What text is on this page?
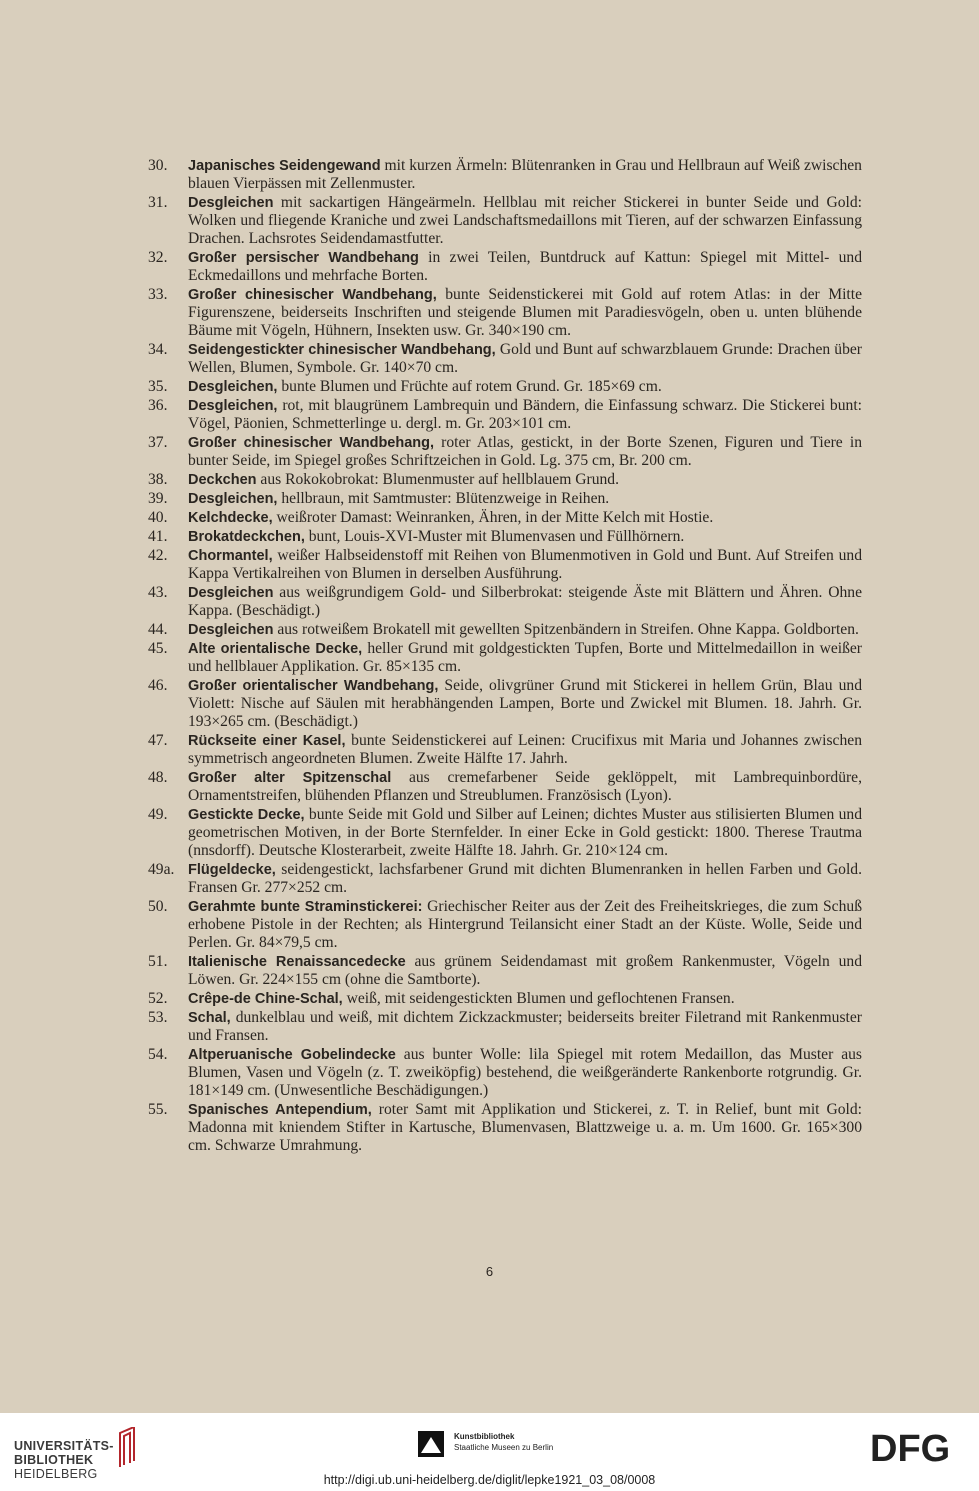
30.	Japanisches Seidengewand mit kurzen Ärmeln: Blütenranken in Grau und Hellbraun auf Weiß zwischen blauen Vierpässen mit Zellenmuster.
31.	Desgleichen mit sackartigen Hängeärmeln. Hellblau mit reicher Stickerei in bunter Seide und Gold: Wolken und fliegende Kraniche und zwei Landschaftsmedaillons mit Tieren, auf der schwarzen Einfassung Drachen. Lachsrotes Seidendamastfutter.
32.	Großer persischer Wandbehang in zwei Teilen, Buntdruck auf Kattun: Spiegel mit Mittel- und Eckmedaillons und mehrfache Borten.
33.	Großer chinesischer Wandbehang, bunte Seidenstickerei mit Gold auf rotem Atlas: in der Mitte Figurenszene, beiderseits Inschriften und steigende Blumen mit Paradiesvögeln, oben u. unten blühende Bäume mit Vögeln, Hühnern, Insekten usw. Gr. 340×190 cm.
34.	Seidengestickter chinesischer Wandbehang, Gold und Bunt auf schwarzblauem Grunde: Drachen über Wellen, Blumen, Symbole. Gr. 140×70 cm.
35.	Desgleichen, bunte Blumen und Früchte auf rotem Grund. Gr. 185×69 cm.
36.	Desgleichen, rot, mit blaugrünem Lambrequin und Bändern, die Einfassung schwarz. Die Stickerei bunt: Vögel, Päonien, Schmetterlinge u. dergl. m. Gr. 203×101 cm.
37.	Großer chinesischer Wandbehang, roter Atlas, gestickt, in der Borte Szenen, Figuren und Tiere in bunter Seide, im Spiegel großes Schriftzeichen in Gold. Lg. 375 cm, Br. 200 cm.
38.	Deckchen aus Rokokobrokat: Blumenmuster auf hellblauem Grund.
39.	Desgleichen, hellbraun, mit Samtmuster: Blütenzweige in Reihen.
40.	Kelchdecke, weißroter Damast: Weinranken, Ähren, in der Mitte Kelch mit Hostie.
41.	Brokatdeckchen, bunt, Louis-XVI-Muster mit Blumenvasen und Füllhörnern.
42.	Chormantel, weißer Halbseidenstoff mit Reihen von Blumenmotiven in Gold und Bunt. Auf Streifen und Kappa Vertikalreihen von Blumen in derselben Ausführung.
43.	Desgleichen aus weißgrundigem Gold- und Silberbrokat: steigende Äste mit Blättern und Ähren. Ohne Kappa. (Beschädigt.)
44.	Desgleichen aus rotweißem Brokatell mit gewellten Spitzenbändern in Streifen. Ohne Kappa. Goldborten.
45.	Alte orientalische Decke, heller Grund mit goldgestickten Tupfen, Borte und Mittelmedaillon in weißer und hellblauer Applikation. Gr. 85×135 cm.
46.	Großer orientalischer Wandbehang, Seide, olivgrüner Grund mit Stickerei in hellem Grün, Blau und Violett: Nische auf Säulen mit herabhängenden Lampen, Borte und Zwickel mit Blumen. 18. Jahrh. Gr. 193×265 cm. (Beschädigt.)
47.	Rückseite einer Kasel, bunte Seidenstickerei auf Leinen: Crucifixus mit Maria und Johannes zwischen symmetrisch angeordneten Blumen. Zweite Hälfte 17. Jahrh.
48.	Großer alter Spitzenschal aus cremefarbener Seide geklöppelt, mit Lambrequinbordüre, Ornamentstreifen, blühenden Pflanzen und Streublumen. Französisch (Lyon).
49.	Gestickte Decke, bunte Seide mit Gold und Silber auf Leinen; dichtes Muster aus stilisierten Blumen und geometrischen Motiven, in der Borte Sternfelder. In einer Ecke in Gold gestickt: 1800. Therese Trautma (nnsdorff). Deutsche Klosterarbeit, zweite Hälfte 18. Jahrh. Gr. 210×124 cm.
49a. Flügeldecke, seidengestickt, lachsfarbener Grund mit dichten Blumenranken in hellen Farben und Gold. Fransen Gr. 277×252 cm.
50.	Gerahmte bunte Straminstickerei: Griechischer Reiter aus der Zeit des Freiheitskrieges, die zum Schuß erhobene Pistole in der Rechten; als Hintergrund Teilansicht einer Stadt an der Küste. Wolle, Seide und Perlen. Gr. 84×79,5 cm.
51.	Italienische Renaissancedecke aus grünem Seidendamast mit großem Rankenmuster, Vögeln und Löwen. Gr. 224×155 cm (ohne die Samtborte).
52.	Crêpe-de Chine-Schal, weiß, mit seidengestickten Blumen und geflochtenen Fransen.
53.	Schal, dunkelblau und weiß, mit dichtem Zickzackmuster; beiderseits breiter Filetrand mit Rankenmuster und Fransen.
54.	Altperuanische Gobelindecke aus bunter Wolle: lila Spiegel mit rotem Medaillon, das Muster aus Blumen, Vasen und Vögeln (z. T. zweiköpfig) bestehend, die weißgeränderte Rankenborte rotgrundig. Gr. 181×149 cm. (Unwesentliche Beschädigungen.)
55.	Spanisches Antependium, roter Samt mit Applikation und Stickerei, z. T. in Relief, bunt mit Gold: Madonna mit kniendem Stifter in Kartusche, Blumenvasen, Blattzweige u. a. m. Um 1600. Gr. 165×300 cm. Schwarze Umrahmung.
6
UNIVERSITÄTS-
BIBLIOTHEK
HEIDELBERG
Kunstbibliothek
Staatliche Museen zu Berlin	DFG
http://digi.ub.uni-heidelberg.de/diglit/lepke1921_03_08/0008
